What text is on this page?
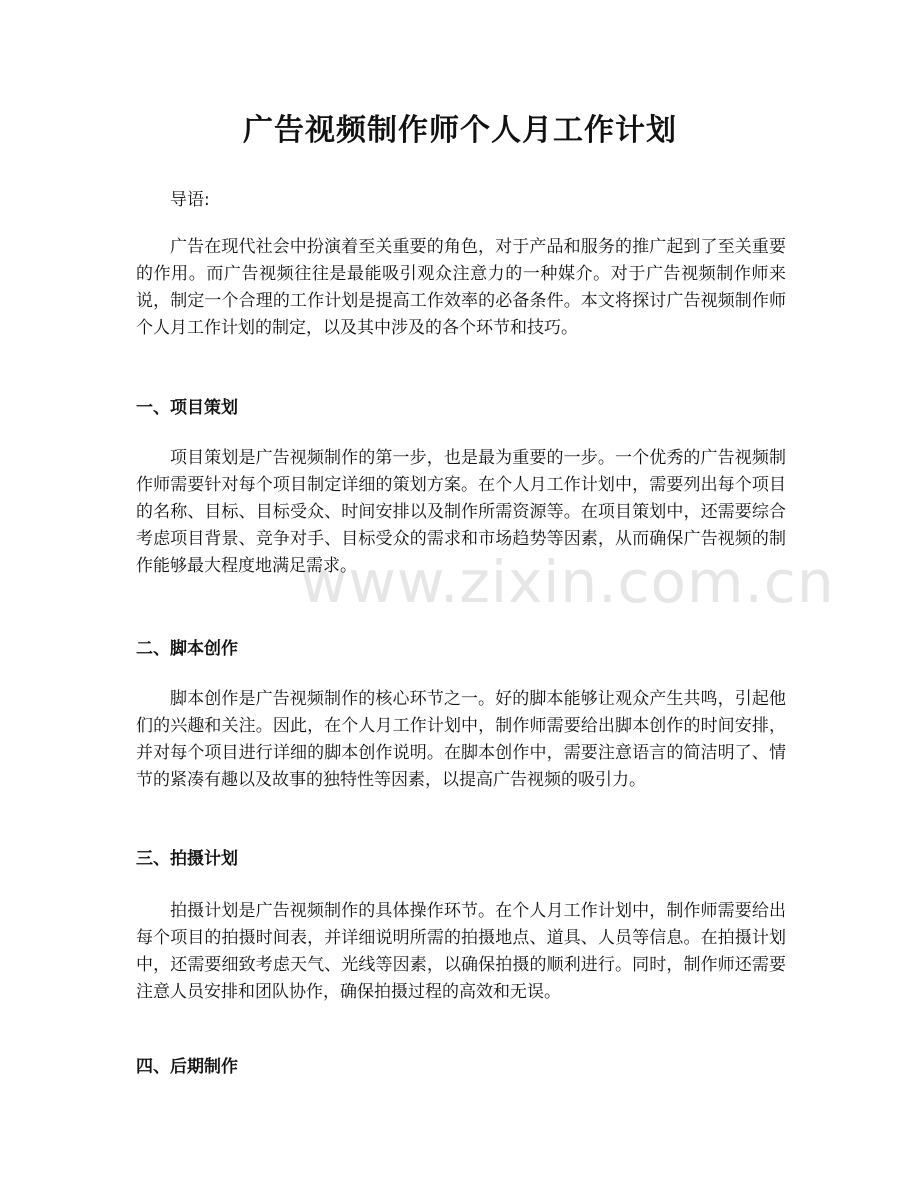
www.zixin.com.cn
广告视频制作师个人月工作计划

导语:

广告在现代社会中扮演着至关重要的角色，对于产品和服务的推广起到了至关重要的作用。而广告视频往往是最能吸引观众注意力的一种媒介。对于广告视频制作师来说，制定一个合理的工作计划是提高工作效率的必备条件。本文将探讨广告视频制作师个人月工作计划的制定，以及其中涉及的各个环节和技巧。

一、项目策划

项目策划是广告视频制作的第一步，也是最为重要的一步。一个优秀的广告视频制作师需要针对每个项目制定详细的策划方案。在个人月工作计划中，需要列出每个项目的名称、目标、目标受众、时间安排以及制作所需资源等。在项目策划中，还需要综合考虑项目背景、竞争对手、目标受众的需求和市场趋势等因素，从而确保广告视频的制作能够最大程度地满足需求。

二、脚本创作

脚本创作是广告视频制作的核心环节之一。好的脚本能够让观众产生共鸣，引起他们的兴趣和关注。因此，在个人月工作计划中，制作师需要给出脚本创作的时间安排，并对每个项目进行详细的脚本创作说明。在脚本创作中，需要注意语言的简洁明了、情节的紧凑有趣以及故事的独特性等因素，以提高广告视频的吸引力。

三、拍摄计划

拍摄计划是广告视频制作的具体操作环节。在个人月工作计划中，制作师需要给出每个项目的拍摄时间表，并详细说明所需的拍摄地点、道具、人员等信息。在拍摄计划中，还需要细致考虑天气、光线等因素，以确保拍摄的顺利进行。同时，制作师还需要注意人员安排和团队协作，确保拍摄过程的高效和无误。

四、后期制作
